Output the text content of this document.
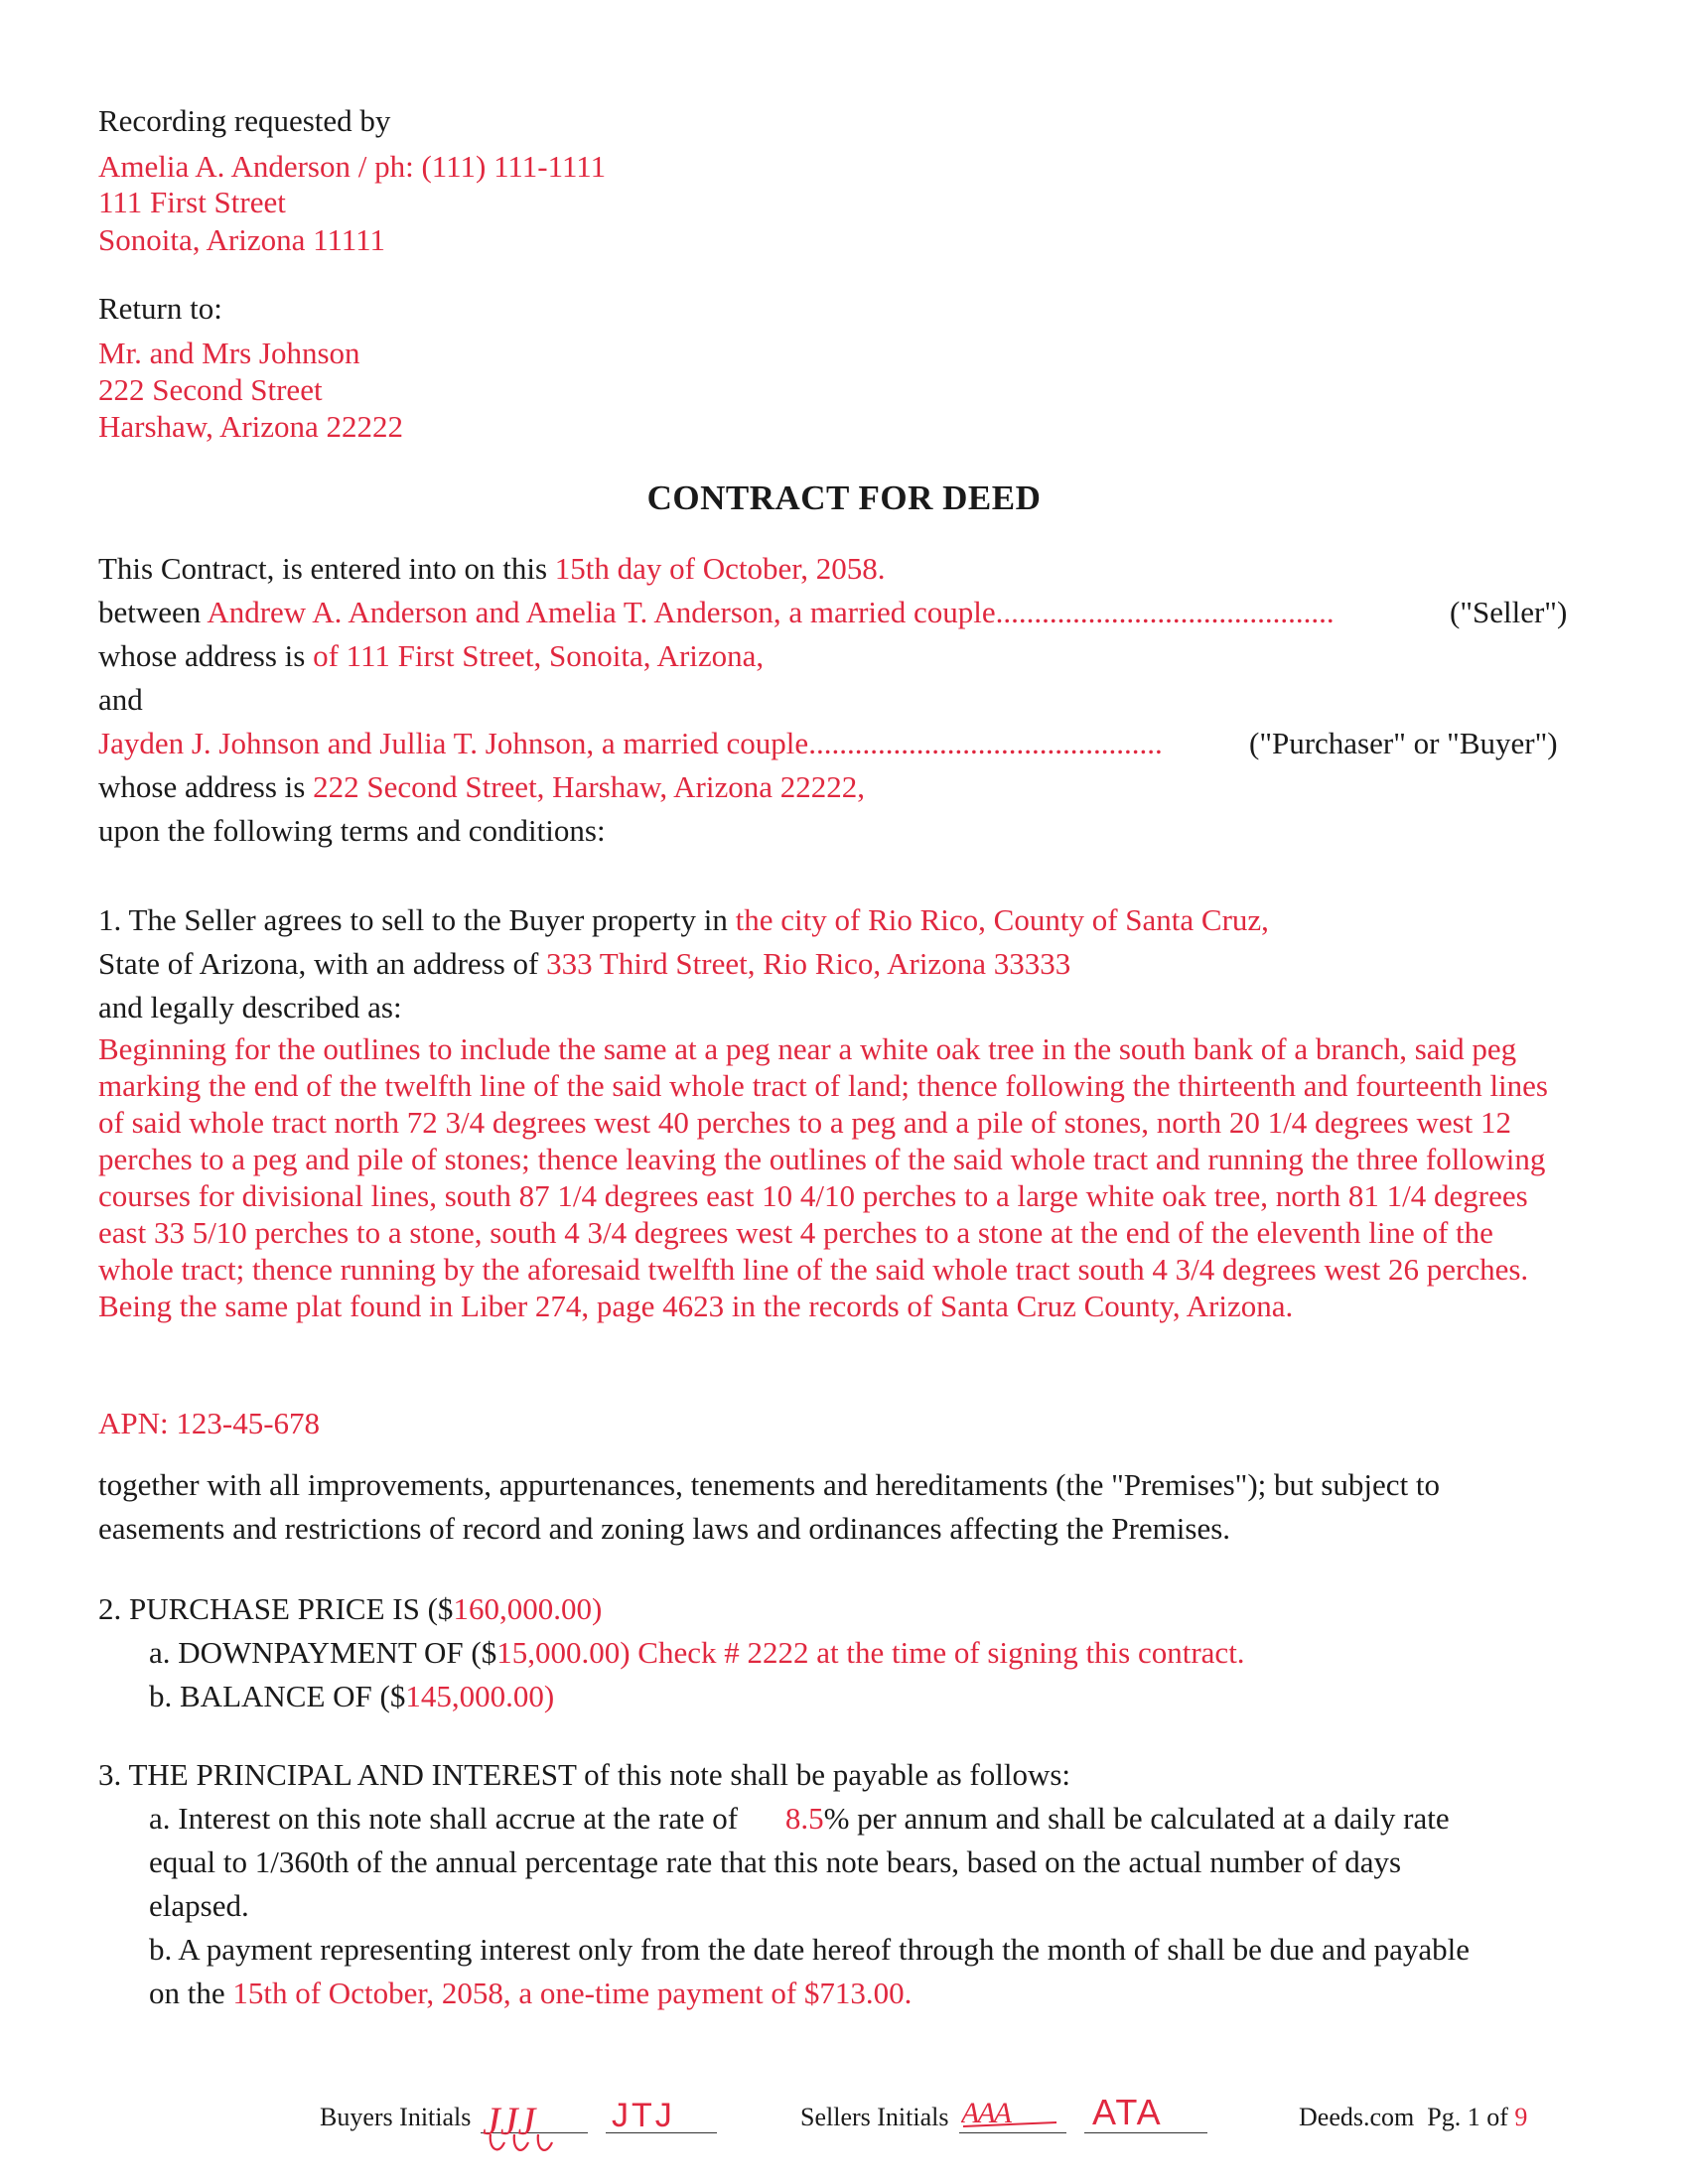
Recording requested by
Amelia A. Anderson / ph: (111) 111-1111
111 First Street
Sonoita, Arizona 11111
Return to:
Mr. and Mrs Johnson
222 Second Street
Harshaw, Arizona 22222
CONTRACT FOR DEED
This Contract, is entered into on this 15th day of October, 2058.
between Andrew A. Anderson and Amelia T. Anderson, a married couple............................................	("Seller")
whose address is of 111 First Street, Sonoita, Arizona,
and
Jayden J. Johnson and Jullia T. Johnson, a married couple..............................................	("Purchaser" or "Buyer")
whose address is 222 Second Street, Harshaw, Arizona 22222,
upon the following terms and conditions:
1. The Seller agrees to sell to the Buyer property in the city of Rio Rico, County of Santa Cruz,
State of Arizona, with an address of 333 Third Street, Rio Rico, Arizona 33333
and legally described as:
Beginning for the outlines to include the same at a peg near a white oak tree in the south bank of a branch, said peg marking the end of the twelfth line of the said whole tract of land; thence following the thirteenth and fourteenth lines of said whole tract north 72 3/4 degrees west 40 perches to a peg and a pile of stones, north 20 1/4 degrees west 12 perches to a peg and pile of stones; thence leaving the outlines of the said whole tract and running the three following courses for divisional lines, south 87 1/4 degrees east 10 4/10 perches to a large white oak tree, north 81 1/4 degrees east 33 5/10 perches to a stone, south 4 3/4 degrees west 4 perches to a stone at the end of the eleventh line of the whole tract; thence running by the aforesaid twelfth line of the said whole tract south 4 3/4 degrees west 26 perches. Being the same plat found in Liber 274, page 4623 in the records of Santa Cruz County, Arizona.
APN: 123-45-678
together with all improvements, appurtenances, tenements and hereditaments (the "Premises"); but subject to easements and restrictions of record and zoning laws and ordinances affecting the Premises.
2. PURCHASE PRICE IS ($160,000.00)
a. DOWNPAYMENT OF ($15,000.00) Check # 2222 at the time of signing this contract.
b. BALANCE OF ($145,000.00)
3. THE PRINCIPAL AND INTEREST of this note shall be payable as follows:
a. Interest on this note shall accrue at the rate of 8.5% per annum and shall be calculated at a daily rate
equal to 1/360th of the annual percentage rate that this note bears, based on the actual number of days
elapsed.
b. A payment representing interest only from the date hereof through the month of shall be due and payable
on the 15th of October, 2058, a one-time payment of $713.00.
Buyers Initials JJJ JTJ	Sellers Initials AAA ATA	Deeds.com Pg. 1 of 9
